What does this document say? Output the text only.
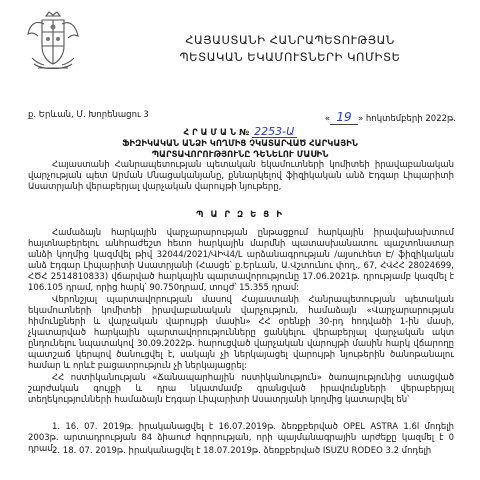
ՀԱՅԱՍՏԱՆԻ ՀԱՆՐԱՊԵՏՈՒԹՅԱՆ
ՊԵՏԱԿԱՆ ԵԿԱՄՈՒՏՆԵՐԻ ԿՈՄԻՏԵ
ք. Երևան, Մ. Խորենացու 3	« 19 » հոկտեմբերի 2022թ.
Հ Ր Ա Մ Ա Ն № 2253-Ա
ՖԻԶԻԿԱԿԱՆ ԱՆՁԻ ԿՈՂՄԻՑ ՉԿԱՏԱՐՎԱԾ ՀԱՐԿԱՅԻՆ
ՊԱՐՏԱՎՈՐՈՒԹՅՈՒՆԸ ԴԵՆԵԼՈՒ ՄԱՍԻՆ
Հայաստանի Հանրապետության պետական եկամուտների կոմիտեի իրավաբանական վարչության պետ Արման Մնացականյանը, քննարկելով ֆիզիկական անձ Էդգար Լիպարիտի Ասատրյանի վերաբերյալ վարչական վարույթի նյութերը,
Պ Ա Ր Զ Ե Ց Ի

Համաձայն հարկային վարչարարության ընթացքում հարկային իրավախախտում հայտնաբերելու անհրաժեշտ հետո հարկային մարմնի պատասխանատու պաշտոնատար անձի կողմից կազմվել թիվ 32044/2021/ՎԻՎ4/Լ արձանագրության /այսուհետ Է/ ֆիզիկական անձ Էդգար Լիպարիտի Ասատրյանի (Հասցե՝ ք.Երևան, Ա.Վշտունու փող., 67, ՀՎՀՀ 28024699, ՀԾՀ 2514810833) վճարված հարկային պարտավորությունը 17.06.2021թ. դրությամբ կազմել է 106.105 դրամ, որից հարկ՝ 90.750դրամ, տույժ՝ 15.355 դրամ:

Վերոնշյալ պարտավորության մասով Հայաստանի Հանրապետության պետական եկամուտների կոմիտեի իրավաբանական վարչություն, համաձայն «Վարչարարության հիմունքների և վարչական վարույթի մասին» ՀՀ օրենքի 30-րդ հոդվածի 1-ին մասի, չկատարված հարկային պարտավորությունները ցանկելու վերաբերյալ վարչական ակտ ընդունելու նպատակով 30.09.2022թ. հարուցված վարչական վարույթի մասին հարկ վճարողը պատշաճ կերպով ծանուցվել է, սակայն չի ներկայացել վարույթի նյութերին ծանոթանալու համար և որևէ բացատրություն չի ներկայացրել:

ՀՀ ոստիկանության «Ճանապարհային ոստիկանություն» ծառայությունից ստացված շարժական գույքի և դրա նկատմամբ գրանցված իրավունքների վերաբերյալ տեղեկությունների համաձայն Էդգար Լիպարիտի Ասատրյանի կողմից կատարվել են՝

1. 16. 07. 2019թ. իրականացվել է 16.07.2019թ. ձեռքբերված OPEL ASTRA 1.6l մոդելի 2003թ. արտադրության 84 ձիաուժ հզորության, որի պայմանագրային արժեքը կազմել է 0 դրամ,
2. 18. 07. 2019թ. իրականացվել է 18.07.2019թ. ձեռքբերված ISUZU RODEO 3.2 մոդելի
